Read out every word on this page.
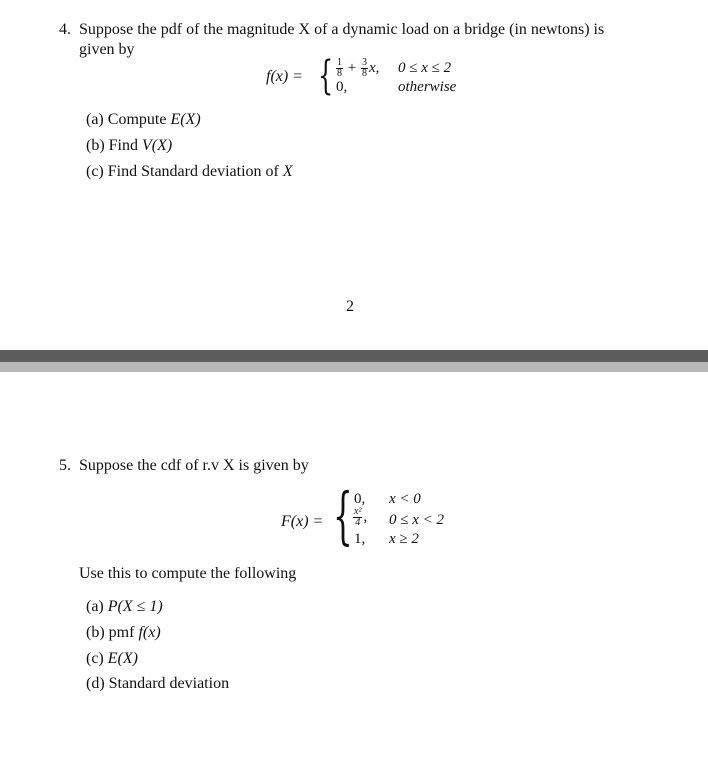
4. Suppose the pdf of the magnitude X of a dynamic load on a bridge (in newtons) is
given by
f(x) = { $\frac{1}{8} + \frac{3}{8} x$, 0 ≤ x ≤ 2
0,	otherwise
(a) Compute E(X)
(b) Find V(X)
(c) Find Standard deviation of X
2
5. Suppose the cdf of r.v X is given by
F(x) = { 0, x < 0
$\frac{\text{x²}}{4}$ , 0 ≤ x < 2
1, x ≥ 2
Use this to compute the following
(a) P(X ≤ 1)
(b) pmf f(x)
(c) E(X)
(d) Standard deviation
